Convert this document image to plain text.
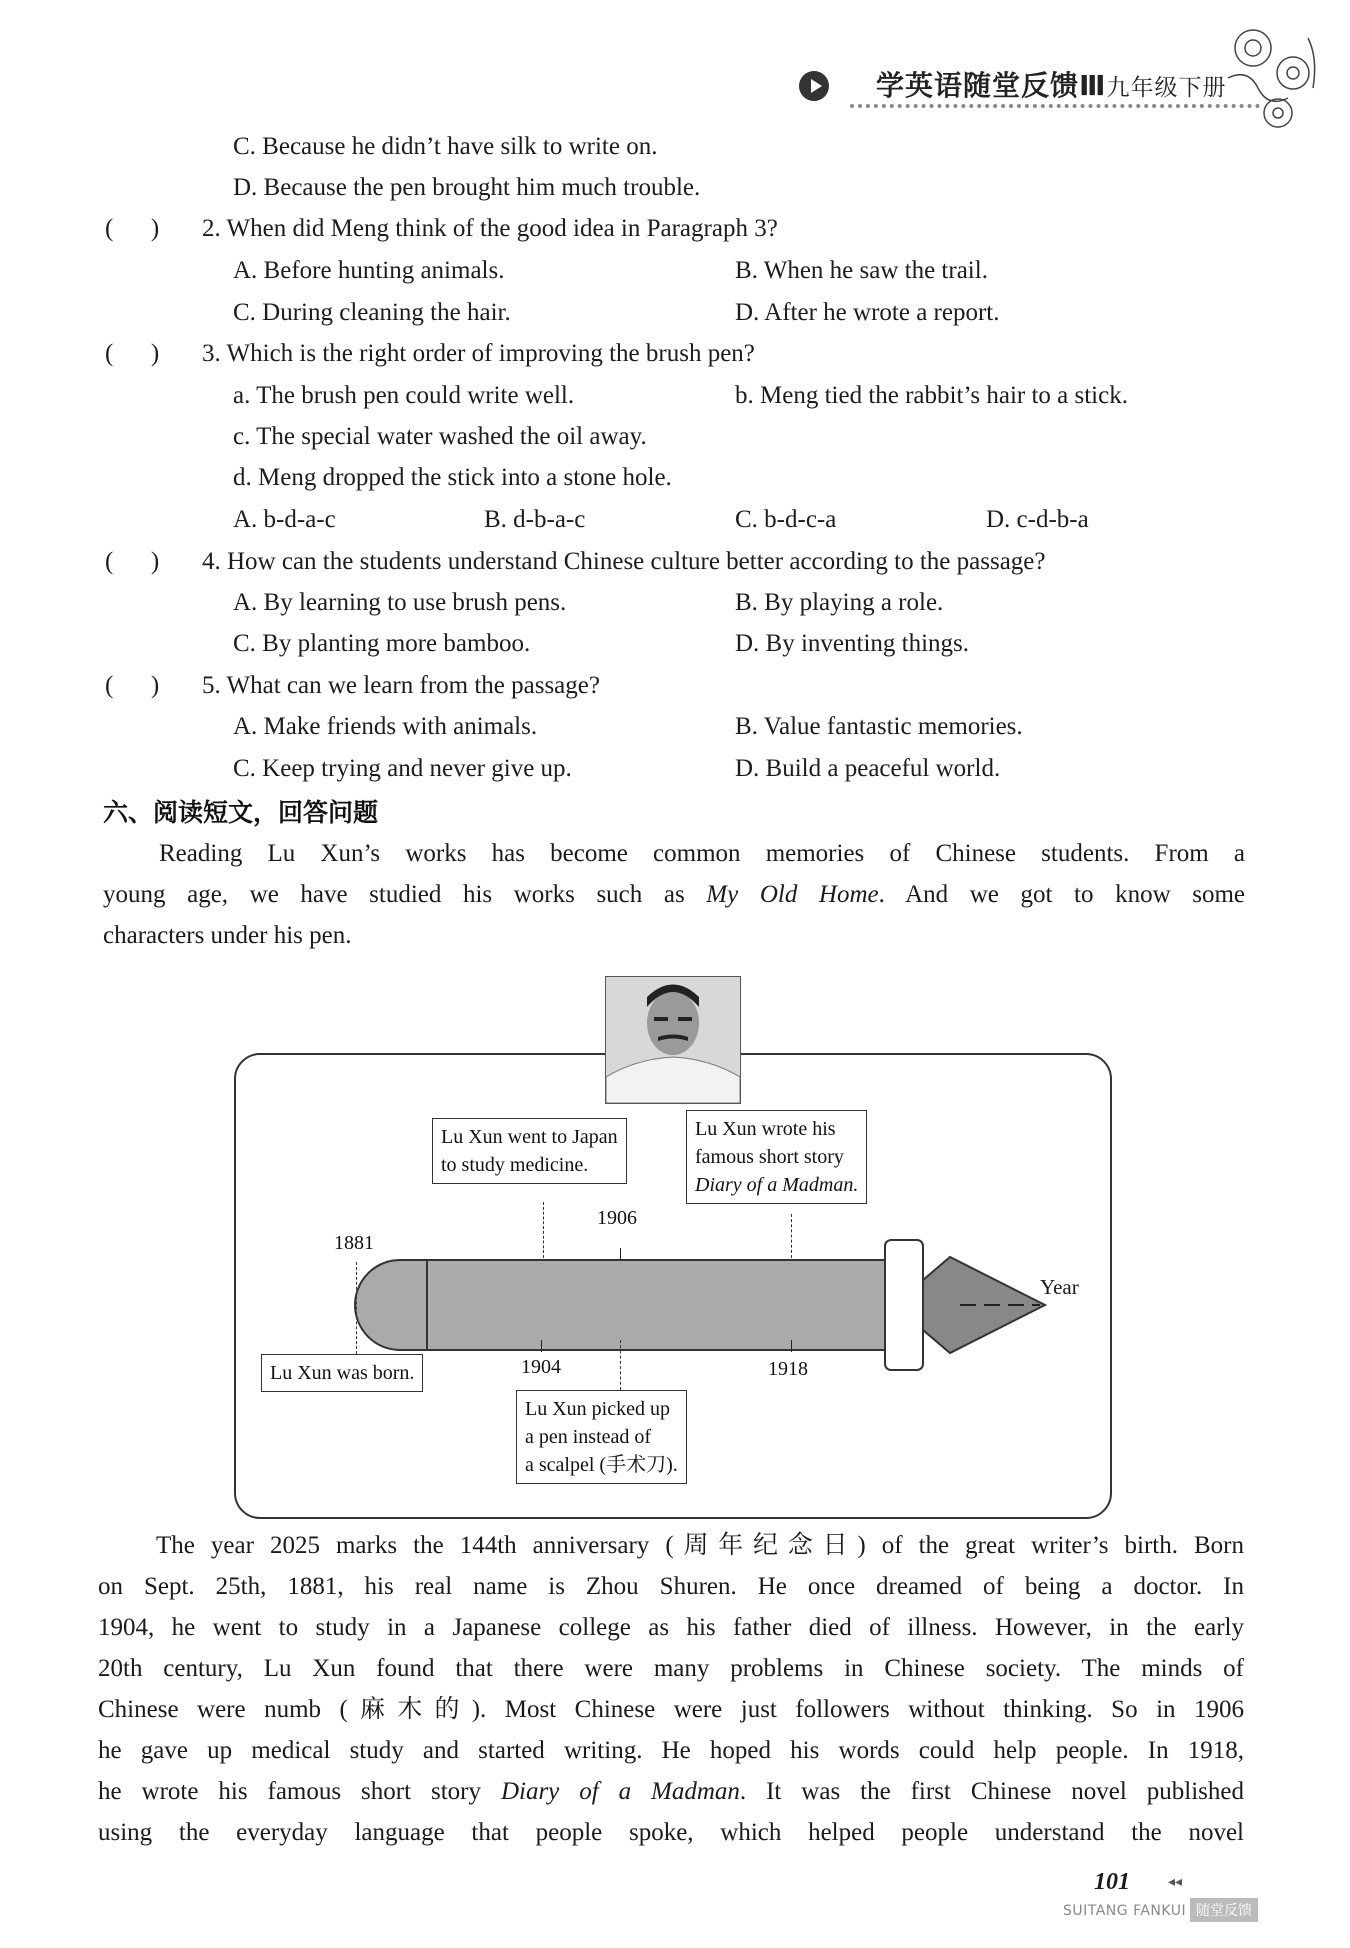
学英语随堂反馈Ⅲ九年级下册
C. Because he didn’t have silk to write on.
D. Because the pen brought him much trouble.
(      ) 2. When did Meng think of the good idea in Paragraph 3?
A. Before hunting animals.	B. When he saw the trail.
C. During cleaning the hair.	D. After he wrote a report.
(      ) 3. Which is the right order of improving the brush pen?
a. The brush pen could write well.	b. Meng tied the rabbit’s hair to a stick.
c. The special water washed the oil away.
d. Meng dropped the stick into a stone hole.
A. b-d-a-c	B. d-b-a-c	C. b-d-c-a	D. c-d-b-a
(      ) 4. How can the students understand Chinese culture better according to the passage?
A. By learning to use brush pens.	B. By playing a role.
C. By planting more bamboo.	D. By inventing things.
(      ) 5. What can we learn from the passage?
A. Make friends with animals.	B. Value fantastic memories.
C. Keep trying and never give up.	D. Build a peaceful world.
六、阅读短文，回答问题
Reading Lu Xun’s works has become common memories of Chinese students. From a
young age, we have studied his works such as My Old Home. And we got to know some
characters under his pen.
Year
1881
1904
1906
1918
Lu Xun went to Japan
to study medicine.
Lu Xun wrote his
famous short story
Diary of a Madman.
Lu Xun was born.
Lu Xun picked up
a pen instead of
a scalpel (手术刀).
The year 2025 marks the 144th anniversary (周年纪念日) of the great writer’s birth. Born
on Sept. 25th, 1881, his real name is Zhou Shuren. He once dreamed of being a doctor. In
1904, he went to study in a Japanese college as his father died of illness. However, in the early
20th century, Lu Xun found that there were many problems in Chinese society. The minds of
Chinese were numb (麻木的). Most Chinese were just followers without thinking. So in 1906
he gave up medical study and started writing. He hoped his words could help people. In 1918,
he wrote his famous short story Diary of a Madman. It was the first Chinese novel published
using the everyday language that people spoke, which helped people understand the novel
101	◂◂
SUITANG FANKUI 随堂反馈
